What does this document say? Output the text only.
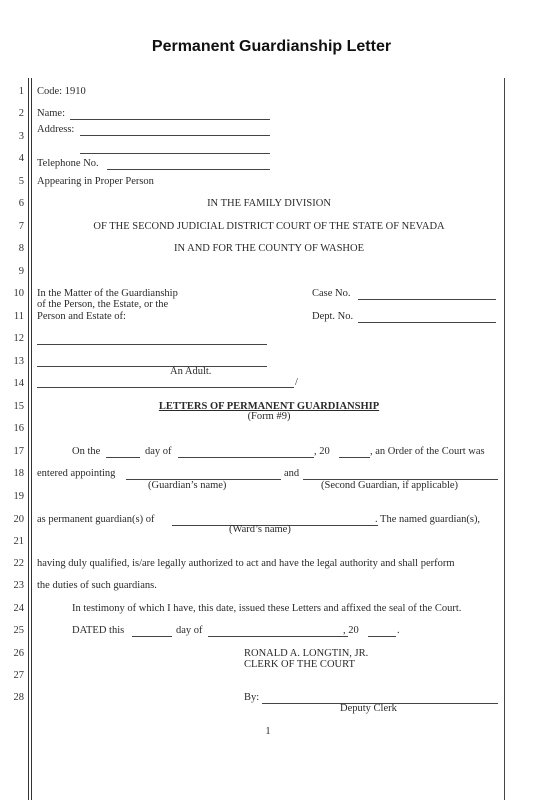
Permanent Guardianship Letter
1
2
3
4
5
6
7
8
9
10
11
12
13
14
15
16
17
18
19
20
21
22
23
24
25
26
27
28
Code: 1910
Name:
Address:
Telephone No.
Appearing in Proper Person
IN THE FAMILY DIVISION
OF THE SECOND JUDICIAL DISTRICT COURT OF THE STATE OF NEVADA
IN AND FOR THE COUNTY OF WASHOE
In the Matter of the Guardianship
of the Person, the Estate, or the
Person and Estate of:
Case No.
Dept. No.
An Adult.
/
LETTERS OF PERMANENT GUARDIANSHIP
(Form #9)
On the	day of	, 20	, an Order of the Court was
entered appointing	and
(Guardian’s name)	(Second Guardian, if applicable)
as permanent guardian(s) of	. The named guardian(s),
(Ward’s name)
having duly qualified, is/are legally authorized to act and have the legal authority and shall perform
the duties of such guardians.
In testimony of which I have, this date, issued these Letters and affixed the seal of the Court.
DATED this	day of	, 20	.
RONALD A. LONGTIN, JR.
CLERK OF THE COURT
By:
Deputy Clerk
1
